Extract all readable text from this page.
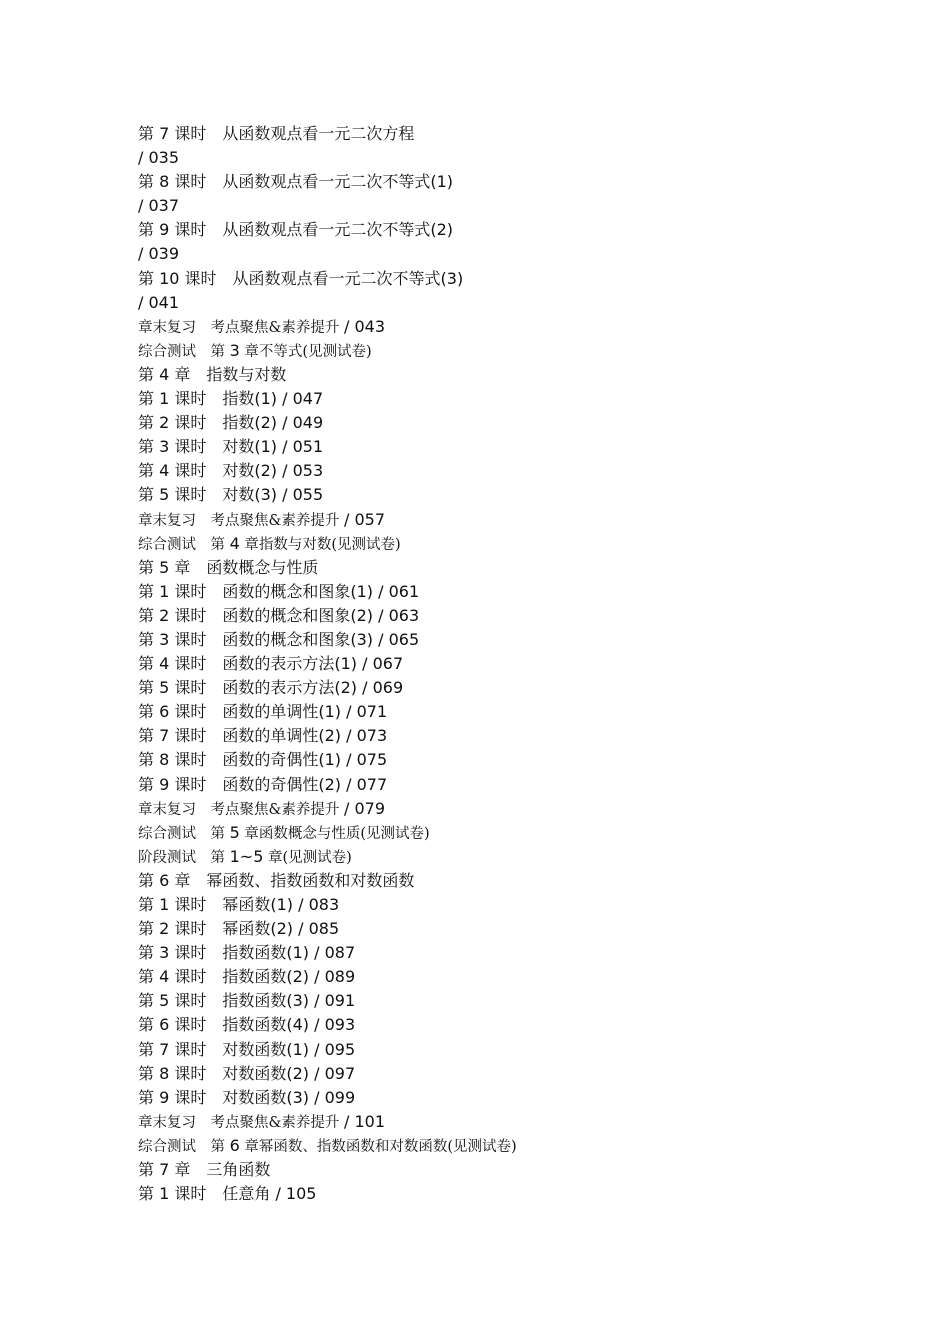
第 7 课时　从函数观点看一元二次方程
/ 035
第 8 课时　从函数观点看一元二次不等式(1)
/ 037
第 9 课时　从函数观点看一元二次不等式(2)
/ 039
第 10 课时　从函数观点看一元二次不等式(3)
/ 041
章末复习　考点聚焦&素养提升 / 043
综合测试　第 3 章不等式(见测试卷)
第 4 章　指数与对数
第 1 课时　指数(1) / 047
第 2 课时　指数(2) / 049
第 3 课时　对数(1) / 051
第 4 课时　对数(2) / 053
第 5 课时　对数(3) / 055
章末复习　考点聚焦&素养提升 / 057
综合测试　第 4 章指数与对数(见测试卷)
第 5 章　函数概念与性质
第 1 课时　函数的概念和图象(1) / 061
第 2 课时　函数的概念和图象(2) / 063
第 3 课时　函数的概念和图象(3) / 065
第 4 课时　函数的表示方法(1) / 067
第 5 课时　函数的表示方法(2) / 069
第 6 课时　函数的单调性(1) / 071
第 7 课时　函数的单调性(2) / 073
第 8 课时　函数的奇偶性(1) / 075
第 9 课时　函数的奇偶性(2) / 077
章末复习　考点聚焦&素养提升 / 079
综合测试　第 5 章函数概念与性质(见测试卷)
阶段测试　第 1~5 章(见测试卷)
第 6 章　幂函数、指数函数和对数函数
第 1 课时　幂函数(1) / 083
第 2 课时　幂函数(2) / 085
第 3 课时　指数函数(1) / 087
第 4 课时　指数函数(2) / 089
第 5 课时　指数函数(3) / 091
第 6 课时　指数函数(4) / 093
第 7 课时　对数函数(1) / 095
第 8 课时　对数函数(2) / 097
第 9 课时　对数函数(3) / 099
章末复习　考点聚焦&素养提升 / 101
综合测试　第 6 章幂函数、指数函数和对数函数(见测试卷)
第 7 章　三角函数
第 1 课时　任意角 / 105
